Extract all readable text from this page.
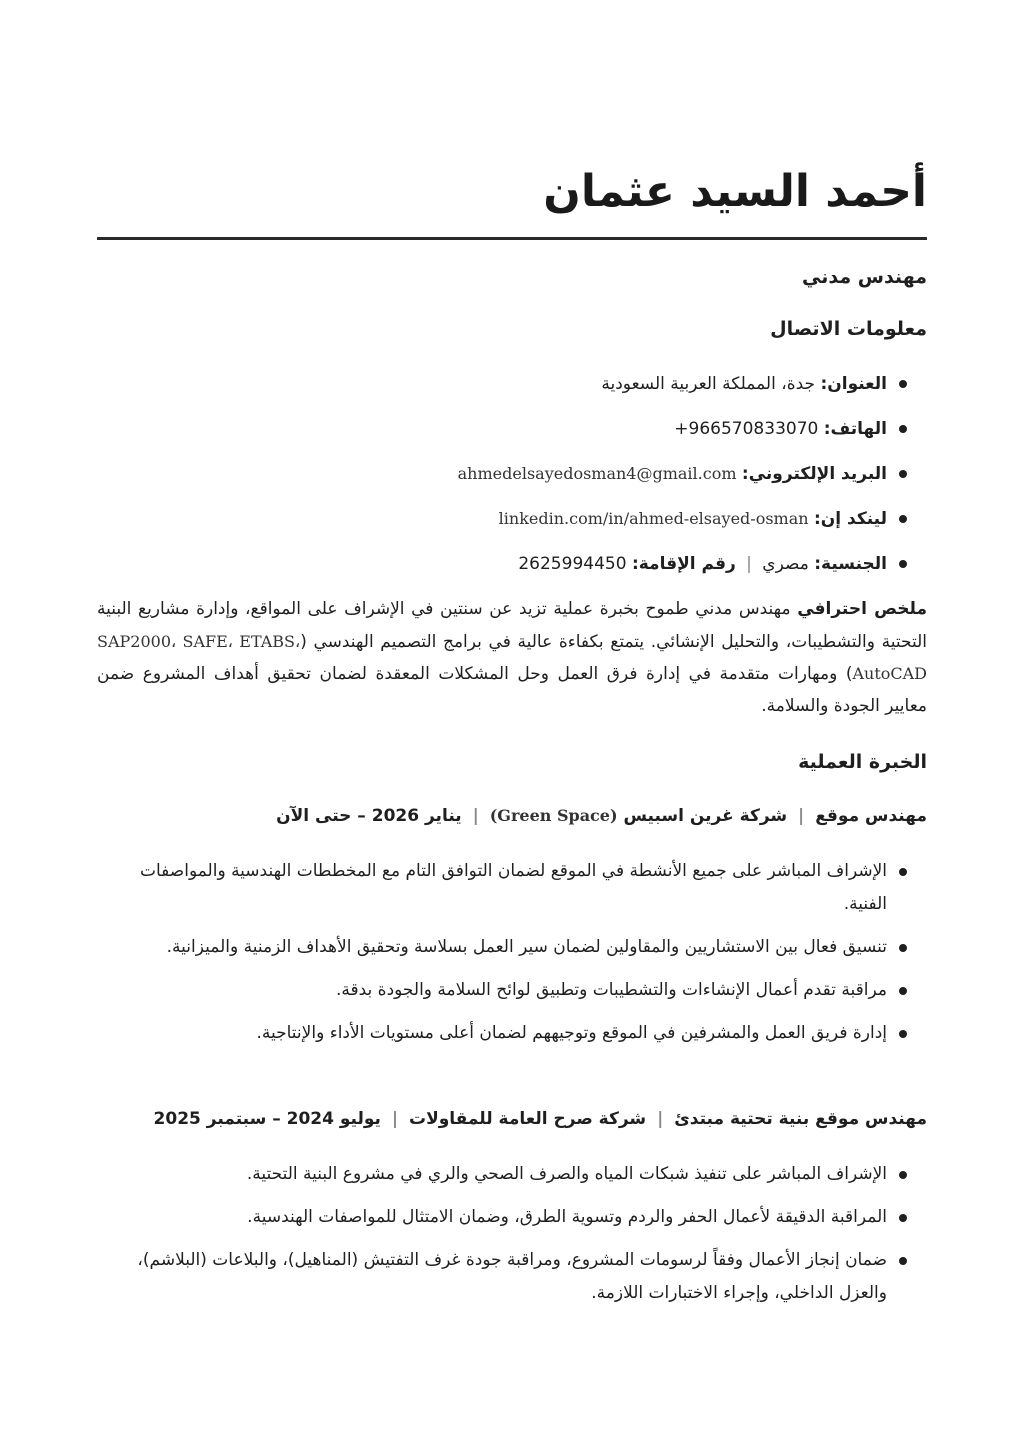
أحمد السيد عثمان
مهندس مدني
معلومات الاتصال
العنوان: جدة، المملكة العربية السعودية
الهاتف: +966570833070
البريد الإلكتروني: ahmedelsayedosman4@gmail.com
لينكد إن: linkedin.com/in/ahmed-elsayed-osman
الجنسية: مصري | رقم الإقامة: 2625994450

ملخص احترافي مهندس مدني طموح بخبرة عملية تزيد عن سنتين في الإشراف على المواقع، وإدارة مشاريع البنية التحتية والتشطيبات، والتحليل الإنشائي. يتمتع بكفاءة عالية في برامج التصميم الهندسي (SAP2000، SAFE، ETABS، AutoCAD) ومهارات متقدمة في إدارة فرق العمل وحل المشكلات المعقدة لضمان تحقيق أهداف المشروع ضمن معايير الجودة والسلامة.

الخبرة العملية
مهندس موقع | شركة غرين اسبيس (Green Space) | يناير 2026 – حتى الآن
الإشراف المباشر على جميع الأنشطة في الموقع لضمان التوافق التام مع المخططات الهندسية والمواصفات الفنية.
تنسيق فعال بين الاستشاريين والمقاولين لضمان سير العمل بسلاسة وتحقيق الأهداف الزمنية والميزانية.
مراقبة تقدم أعمال الإنشاءات والتشطيبات وتطبيق لوائح السلامة والجودة بدقة.
إدارة فريق العمل والمشرفين في الموقع وتوجيههم لضمان أعلى مستويات الأداء والإنتاجية.
مهندس موقع بنية تحتية مبتدئ | شركة صرح العامة للمقاولات | يوليو 2024 – سبتمبر 2025
الإشراف المباشر على تنفيذ شبكات المياه والصرف الصحي والري في مشروع البنية التحتية.
المراقبة الدقيقة لأعمال الحفر والردم وتسوية الطرق، وضمان الامتثال للمواصفات الهندسية.
ضمان إنجاز الأعمال وفقاً لرسومات المشروع، ومراقبة جودة غرف التفتيش (المناهيل)، والبلاعات (البلاشم)، والعزل الداخلي، وإجراء الاختبارات اللازمة.
